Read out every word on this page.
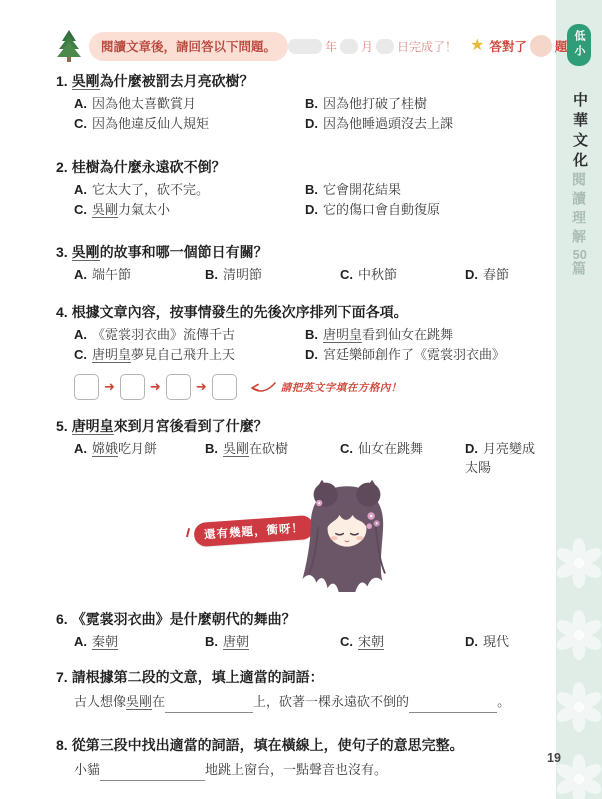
低小
中華文化閱讀理解50篇
19
閱讀文章後，請回答以下問題。	年 月 日完成了！ ★ 答對了 題
1. 吳剛為什麼被罰去月亮砍樹？
A. 因為他太喜歡賞月	B. 因為他打破了桂樹
C. 因為他違反仙人規矩	D. 因為他睡過頭沒去上課
2. 桂樹為什麼永遠砍不倒？
A. 它太大了，砍不完。	B. 它會開花結果
C. 吳剛力氣太小	D. 它的傷口會自動復原
3. 吳剛的故事和哪一個節日有關？
A. 端午節	B. 清明節	C. 中秋節	D. 春節
4. 根據文章內容，按事情發生的先後次序排列下面各項。
A. 《霓裳羽衣曲》流傳千古	B. 唐明皇看到仙女在跳舞
C. 唐明皇夢見自己飛升上天	D. 宮廷樂師創作了《霓裳羽衣曲》
➜	➜	➜	請把英文字填在方格內！
5. 唐明皇來到月宮後看到了什麼？
A. 嫦娥吃月餅	B. 吳剛在砍樹	C. 仙女在跳舞	D. 月亮變成太陽
還有幾題，衝呀！
6. 《霓裳羽衣曲》是什麼朝代的舞曲？
A. 秦朝	B. 唐朝	C. 宋朝	D. 現代
7. 請根據第二段的文意，填上適當的詞語：
古人想像吳剛在	上，砍著一棵永遠砍不倒的	。
8. 從第三段中找出適當的詞語，填在橫線上，使句子的意思完整。
小貓	地跳上窗台，一點聲音也沒有。
